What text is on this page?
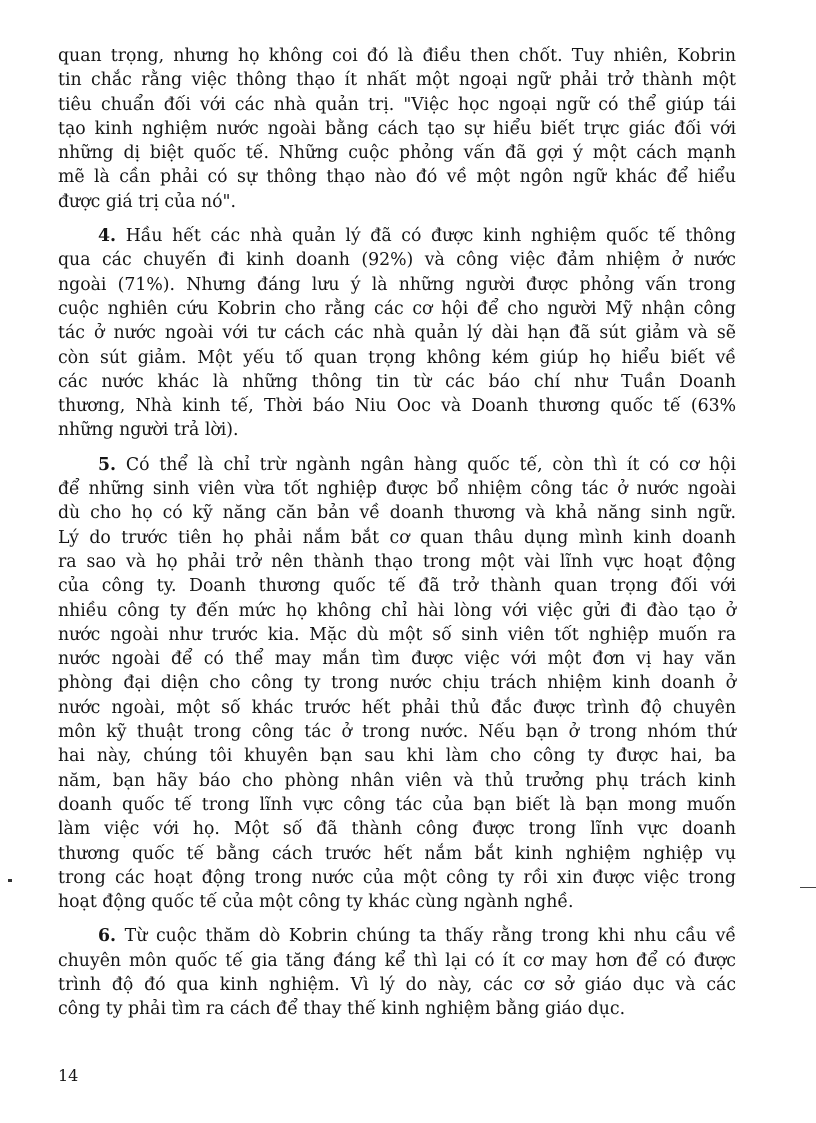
quan trọng, nhưng họ không coi đó là điều then chốt. Tuy nhiên, Kobrin
tin chắc rằng việc thông thạo ít nhất một ngoại ngữ phải trở thành một
tiêu chuẩn đối với các nhà quản trị. "Việc học ngoại ngữ có thể giúp tái
tạo kinh nghiệm nước ngoài bằng cách tạo sự hiểu biết trực giác đối với
những dị biệt quốc tế. Những cuộc phỏng vấn đã gợi ý một cách mạnh
mẽ là cần phải có sự thông thạo nào đó về một ngôn ngữ khác để hiểu
được giá trị của nó".

4. Hầu hết các nhà quản lý đã có được kinh nghiệm quốc tế thông
qua các chuyến đi kinh doanh (92%) và công việc đảm nhiệm ở nước
ngoài (71%). Nhưng đáng lưu ý là những người được phỏng vấn trong
cuộc nghiên cứu Kobrin cho rằng các cơ hội để cho người Mỹ nhận công
tác ở nước ngoài với tư cách các nhà quản lý dài hạn đã sút giảm và sẽ
còn sút giảm. Một yếu tố quan trọng không kém giúp họ hiểu biết về
các nước khác là những thông tin từ các báo chí như Tuần Doanh
thương, Nhà kinh tế, Thời báo Niu Ooc và Doanh thương quốc tế (63%
những người trả lời).

5. Có thể là chỉ trừ ngành ngân hàng quốc tế, còn thì ít có cơ hội
để những sinh viên vừa tốt nghiệp được bổ nhiệm công tác ở nước ngoài
dù cho họ có kỹ năng căn bản về doanh thương và khả năng sinh ngữ.
Lý do trước tiên họ phải nắm bắt cơ quan thâu dụng mình kinh doanh
ra sao và họ phải trở nên thành thạo trong một vài lĩnh vực hoạt động
của công ty. Doanh thương quốc tế đã trở thành quan trọng đối với
nhiều công ty đến mức họ không chỉ hài lòng với việc gửi đi đào tạo ở
nước ngoài như trước kia. Mặc dù một số sinh viên tốt nghiệp muốn ra
nước ngoài để có thể may mắn tìm được việc với một đơn vị hay văn
phòng đại diện cho công ty trong nước chịu trách nhiệm kinh doanh ở
nước ngoài, một số khác trước hết phải thủ đắc được trình độ chuyên
môn kỹ thuật trong công tác ở trong nước. Nếu bạn ở trong nhóm thứ
hai này, chúng tôi khuyên bạn sau khi làm cho công ty được hai, ba
năm, bạn hãy báo cho phòng nhân viên và thủ trưởng phụ trách kinh
doanh quốc tế trong lĩnh vực công tác của bạn biết là bạn mong muốn
làm việc với họ. Một số đã thành công được trong lĩnh vực doanh
thương quốc tế bằng cách trước hết nắm bắt kinh nghiệm nghiệp vụ
trong các hoạt động trong nước của một công ty rồi xin được việc trong
hoạt động quốc tế của một công ty khác cùng ngành nghề.

6. Từ cuộc thăm dò Kobrin chúng ta thấy rằng trong khi nhu cầu về
chuyên môn quốc tế gia tăng đáng kể thì lại có ít cơ may hơn để có được
trình độ đó qua kinh nghiệm. Vì lý do này, các cơ sở giáo dục và các
công ty phải tìm ra cách để thay thế kinh nghiệm bằng giáo dục.

14
